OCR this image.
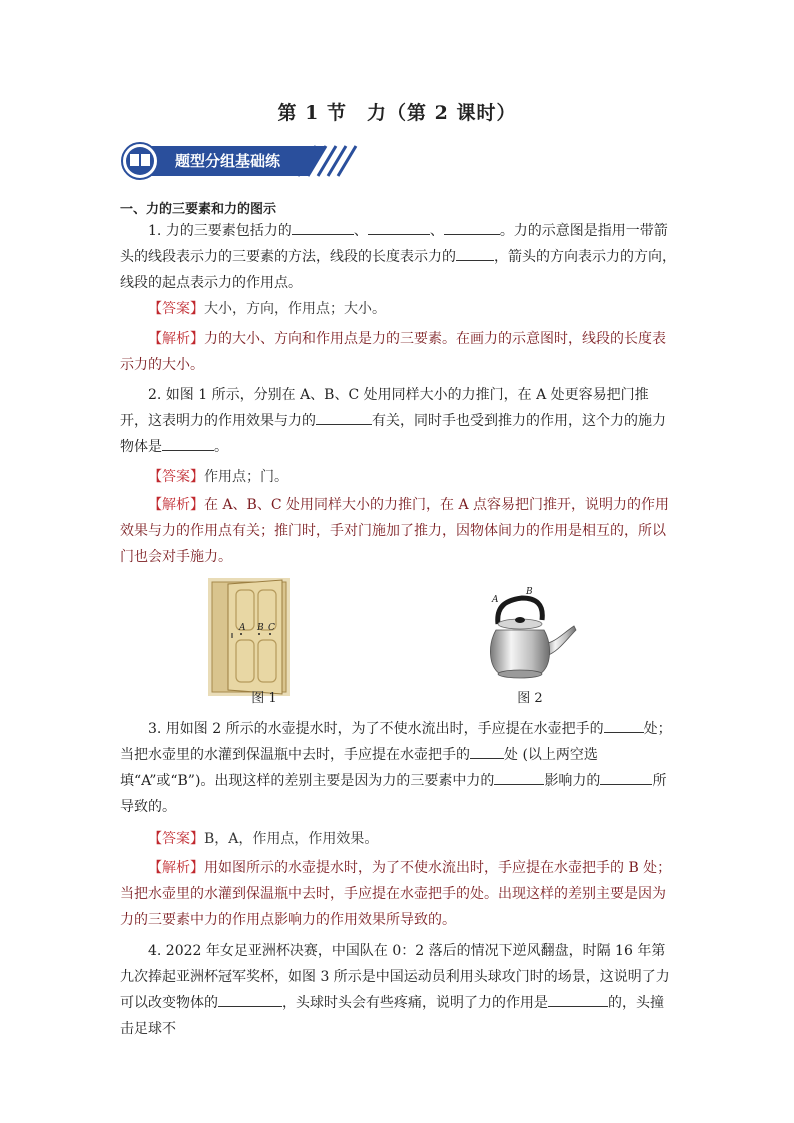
第 1 节　力（第 2 课时）
题型分组基础练
一、力的三要素和力的图示

1. 力的三要素包括力的	、	、	。力的示意图是指用一带箭头的线段表示力的三要素的方法，线段的长度表示力的	，箭头的方向表示力的方向，线段的起点表示力的作用点。

【答案】大小，方向，作用点；大小。

【解析】力的大小、方向和作用点是力的三要素。在画力的示意图时，线段的长度表示力的大小。

2. 如图 1 所示，分别在 A、B、C 处用同样大小的力推门，在 A 处更容易把门推开，这表明力的作用效果与力的	有关，同时手也受到推力的作用，这个力的施力物体是	。

【答案】作用点；门。

【解析】在 A、B、C 处用同样大小的力推门，在 A 点容易把门推开，说明力的作用效果与力的作用点有关；推门时，手对门施加了推力，因物体间力的作用是相互的，所以门也会对手施力。

A B C
图 1
A
B
图 2

3. 用如图 2 所示的水壶提水时，为了不使水流出时，手应提在水壶把手的	处；当把水壶里的水灌到保温瓶中去时，手应提在水壶把手的 处 (以上两空选填“A”或“B”)。出现这样的差别主要是因为力的三要素中力的	影响力的	所导致的。

【答案】B，A，作用点，作用效果。

【解析】用如图所示的水壶提水时，为了不使水流出时，手应提在水壶把手的 B 处；当把水壶里的水灌到保温瓶中去时，手应提在水壶把手的处。出现这样的差别主要是因为力的三要素中力的作用点影响力的作用效果所导致的。

4. 2022 年女足亚洲杯决赛，中国队在 0：2 落后的情况下逆风翻盘，时隔 16 年第九次捧起亚洲杯冠军奖杯，如图 3 所示是中国运动员利用头球攻门时的场景，这说明了力可以改变物体的	，头球时头会有些疼痛，说明了力的作用是	的，头撞击足球不
